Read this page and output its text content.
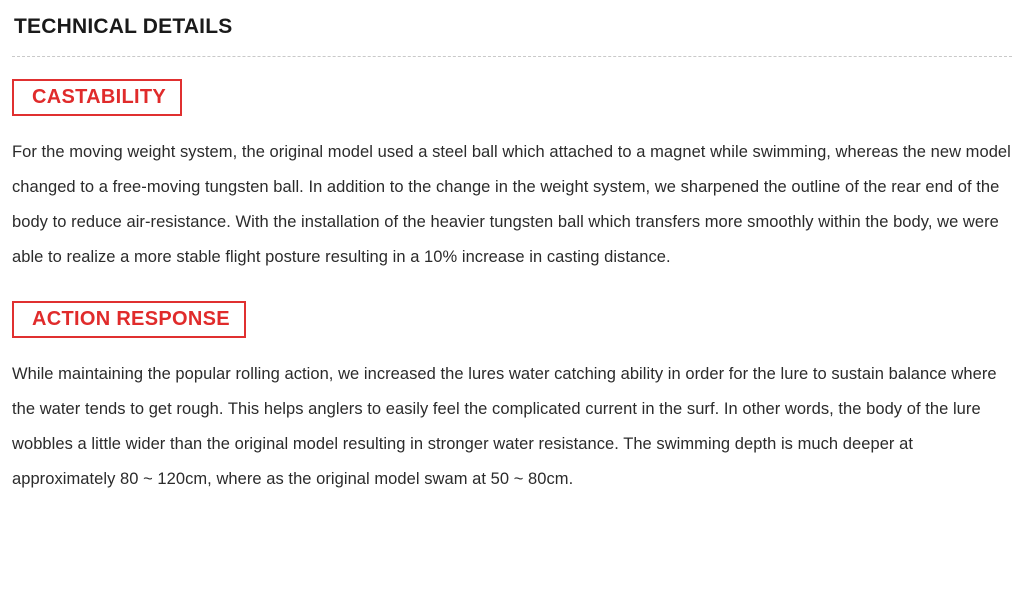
TECHNICAL DETAILS
CASTABILITY

For the moving weight system, the original model used a steel ball which attached to a magnet while swimming, whereas the new model changed to a free-moving tungsten ball. In addition to the change in the weight system, we sharpened the outline of the rear end of the body to reduce air-resistance. With the installation of the heavier tungsten ball which transfers more smoothly within the body, we were able to realize a more stable flight posture resulting in a 10% increase in casting distance.

ACTION RESPONSE

While maintaining the popular rolling action, we increased the lures water catching ability in order for the lure to sustain balance where the water tends to get rough. This helps anglers to easily feel the complicated current in the surf. In other words, the body of the lure wobbles a little wider than the original model resulting in stronger water resistance. The swimming depth is much deeper at approximately 80 ~ 120cm, where as the original model swam at 50 ~ 80cm.
